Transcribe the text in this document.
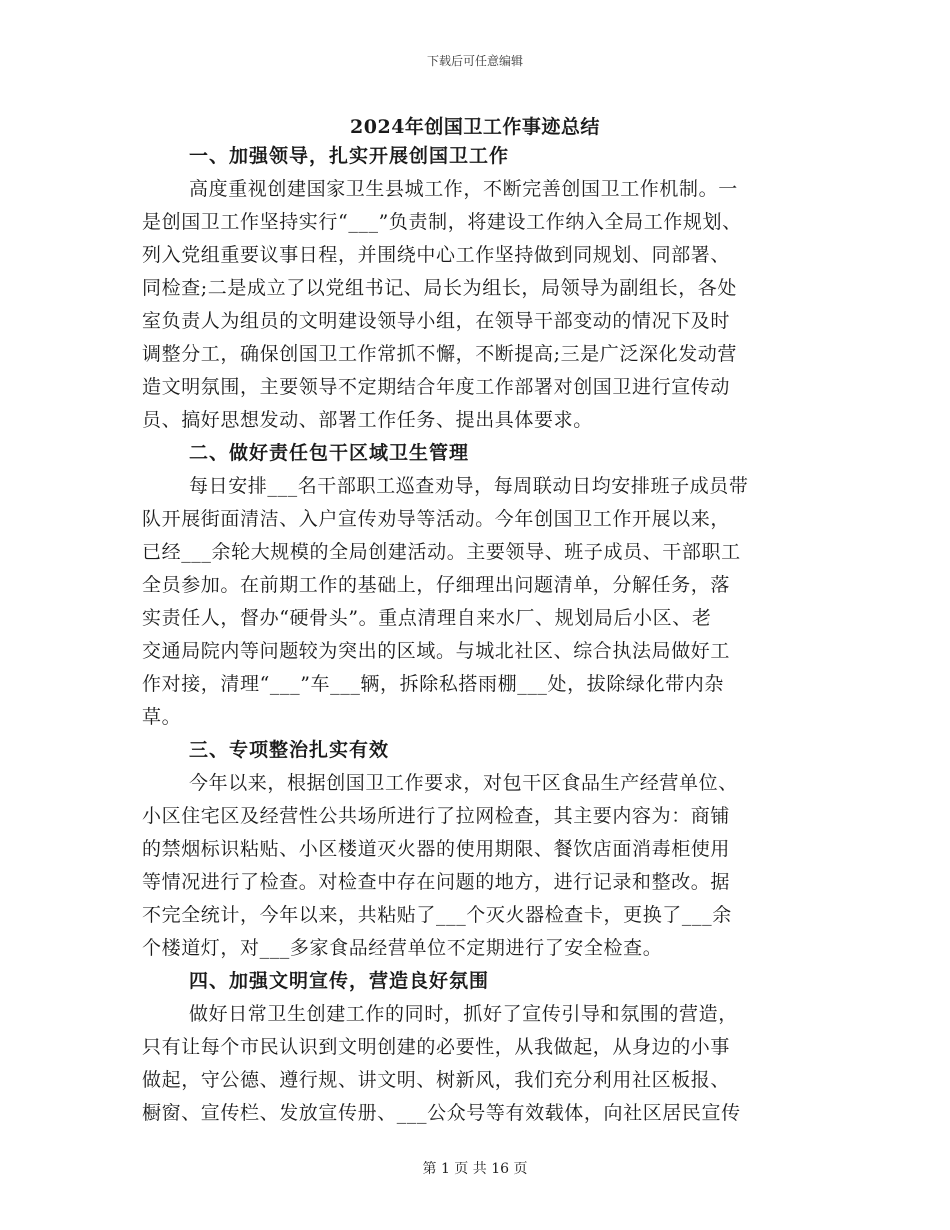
下载后可任意编辑
2024年创国卫工作事迹总结
一、加强领导，扎实开展创国卫工作
高度重视创建国家卫生县城工作，不断完善创国卫工作机制。一
是创国卫工作坚持实行“___”负责制，将建设工作纳入全局工作规划、
列入党组重要议事日程，并围绕中心工作坚持做到同规划、同部署、
同检查;二是成立了以党组书记、局长为组长，局领导为副组长，各处
室负责人为组员的文明建设领导小组，在领导干部变动的情况下及时
调整分工，确保创国卫工作常抓不懈，不断提高;三是广泛深化发动营
造文明氛围，主要领导不定期结合年度工作部署对创国卫进行宣传动
员、搞好思想发动、部署工作任务、提出具体要求。
二、做好责任包干区域卫生管理
每日安排___名干部职工巡查劝导，每周联动日均安排班子成员带
队开展街面清洁、入户宣传劝导等活动。今年创国卫工作开展以来，
已经___余轮大规模的全局创建活动。主要领导、班子成员、干部职工
全员参加。在前期工作的基础上，仔细理出问题清单，分解任务，落
实责任人，督办“硬骨头”。重点清理自来水厂、规划局后小区、老
交通局院内等问题较为突出的区域。与城北社区、综合执法局做好工
作对接，清理“___”车___辆，拆除私搭雨棚___处，拔除绿化带内杂
草。
三、专项整治扎实有效
今年以来，根据创国卫工作要求，对包干区食品生产经营单位、
小区住宅区及经营性公共场所进行了拉网检查，其主要内容为：商铺
的禁烟标识粘贴、小区楼道灭火器的使用期限、餐饮店面消毒柜使用
等情况进行了检查。对检查中存在问题的地方，进行记录和整改。据
不完全统计，今年以来，共粘贴了___个灭火器检查卡，更换了___余
个楼道灯，对___多家食品经营单位不定期进行了安全检查。
四、加强文明宣传，营造良好氛围
做好日常卫生创建工作的同时，抓好了宣传引导和氛围的营造，
只有让每个市民认识到文明创建的必要性，从我做起，从身边的小事
做起，守公德、遵行规、讲文明、树新风，我们充分利用社区板报、
橱窗、宣传栏、发放宣传册、___公众号等有效载体，向社区居民宣传
第 1 页 共 16 页
